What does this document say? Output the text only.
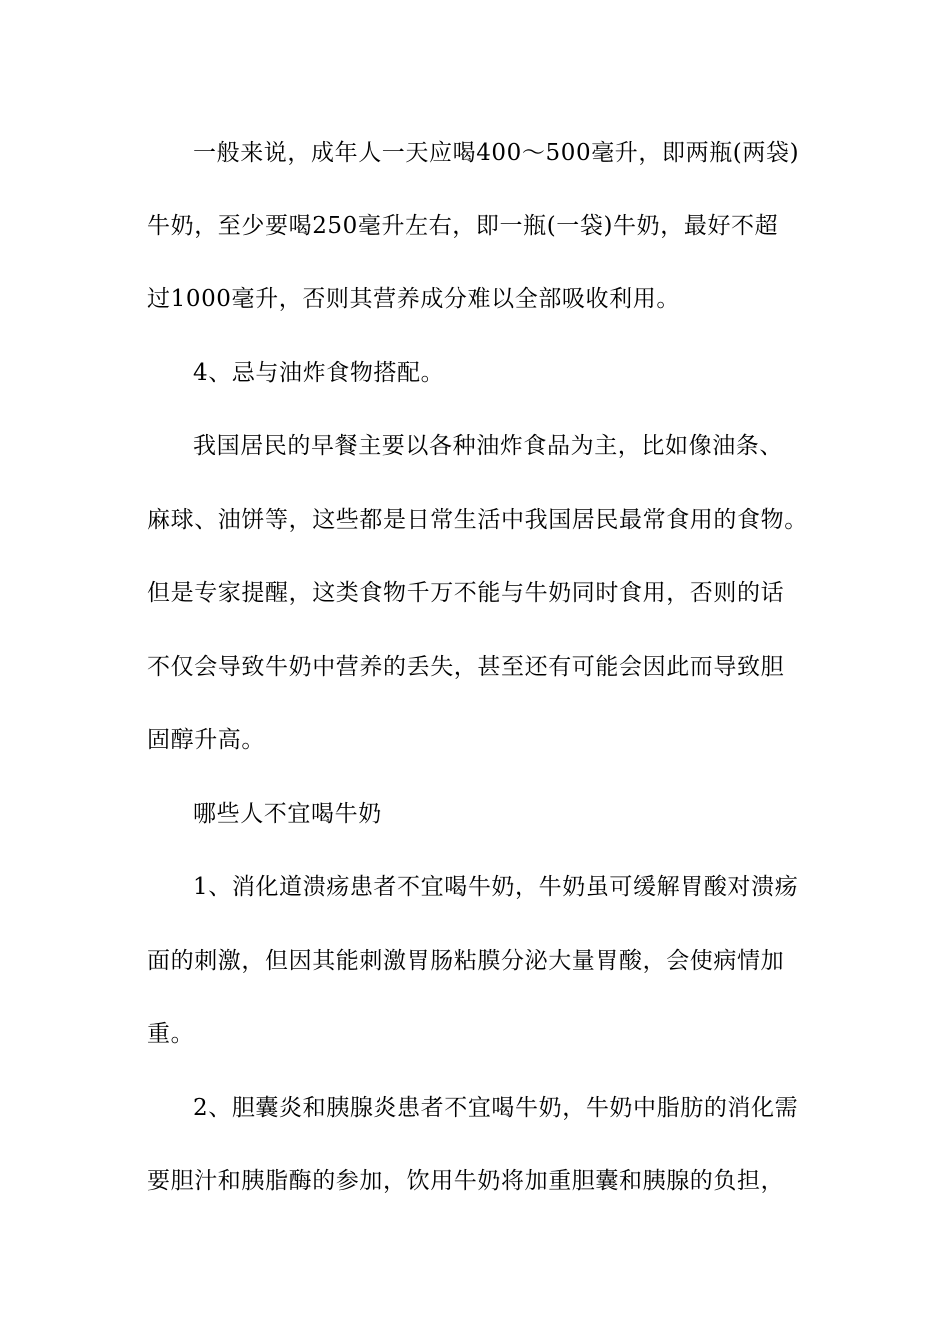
一般来说，成年人一天应喝400～500毫升，即两瓶(两袋)
牛奶，至少要喝250毫升左右，即一瓶(一袋)牛奶，最好不超
过1000毫升，否则其营养成分难以全部吸收利用。
4、忌与油炸食物搭配。
我国居民的早餐主要以各种油炸食品为主，比如像油条、
麻球、油饼等，这些都是日常生活中我国居民最常食用的食物。
但是专家提醒，这类食物千万不能与牛奶同时食用，否则的话
不仅会导致牛奶中营养的丢失，甚至还有可能会因此而导致胆
固醇升高。
哪些人不宜喝牛奶
1、消化道溃疡患者不宜喝牛奶，牛奶虽可缓解胃酸对溃疡
面的刺激，但因其能刺激胃肠粘膜分泌大量胃酸，会使病情加
重。
2、胆囊炎和胰腺炎患者不宜喝牛奶，牛奶中脂肪的消化需
要胆汁和胰脂酶的参加，饮用牛奶将加重胆囊和胰腺的负担，
